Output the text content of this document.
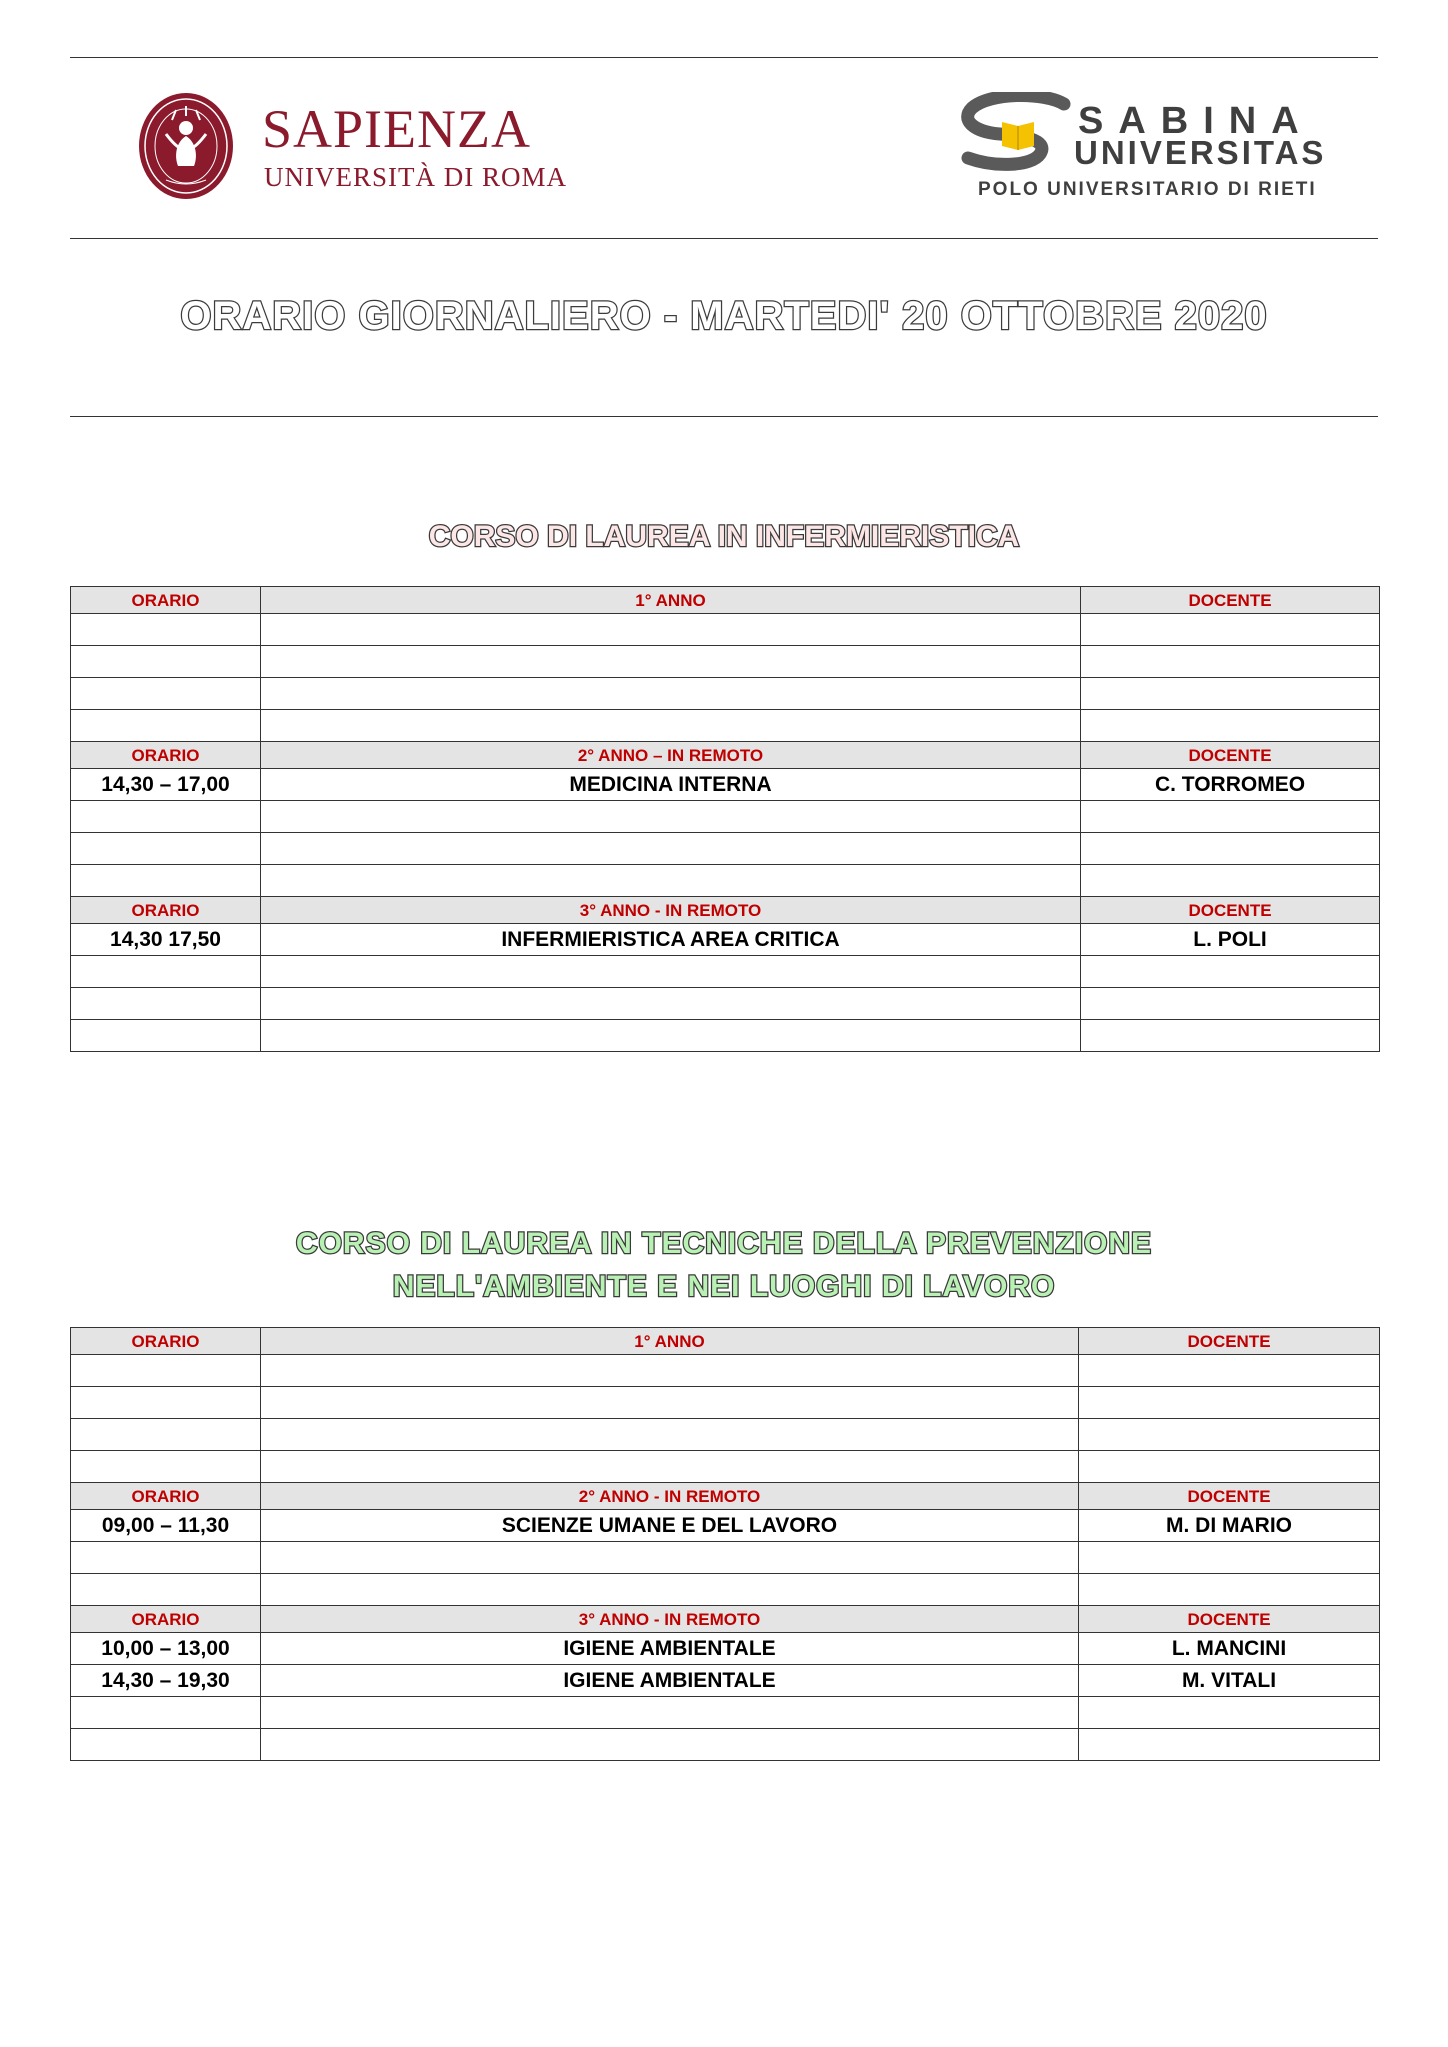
SAPIENZA
UNIVERSITÀ DI ROMA
SABINA
UNIVERSITAS
POLO UNIVERSITARIO DI RIETI
ORARIO GIORNALIERO - MARTEDI' 20 OTTOBRE 2020
CORSO DI LAUREA IN INFERMIERISTICA
ORARIO	1° ANNO	DOCENTE

ORARIO	2° ANNO – IN REMOTO	DOCENTE
14,30 – 17,00	MEDICINA INTERNA	C. TORROMEO

ORARIO	3° ANNO - IN REMOTO	DOCENTE
14,30 17,50	INFERMIERISTICA AREA CRITICA	L. POLI

CORSO DI LAUREA IN TECNICHE DELLA PREVENZIONE
NELL'AMBIENTE E NEI LUOGHI DI LAVORO
ORARIO	1° ANNO	DOCENTE

ORARIO	2° ANNO - IN REMOTO	DOCENTE
09,00 – 11,30	SCIENZE UMANE E DEL LAVORO	M. DI MARIO

ORARIO	3° ANNO - IN REMOTO	DOCENTE
10,00 – 13,00	IGIENE AMBIENTALE	L. MANCINI
14,30 – 19,30	IGIENE AMBIENTALE	M. VITALI
